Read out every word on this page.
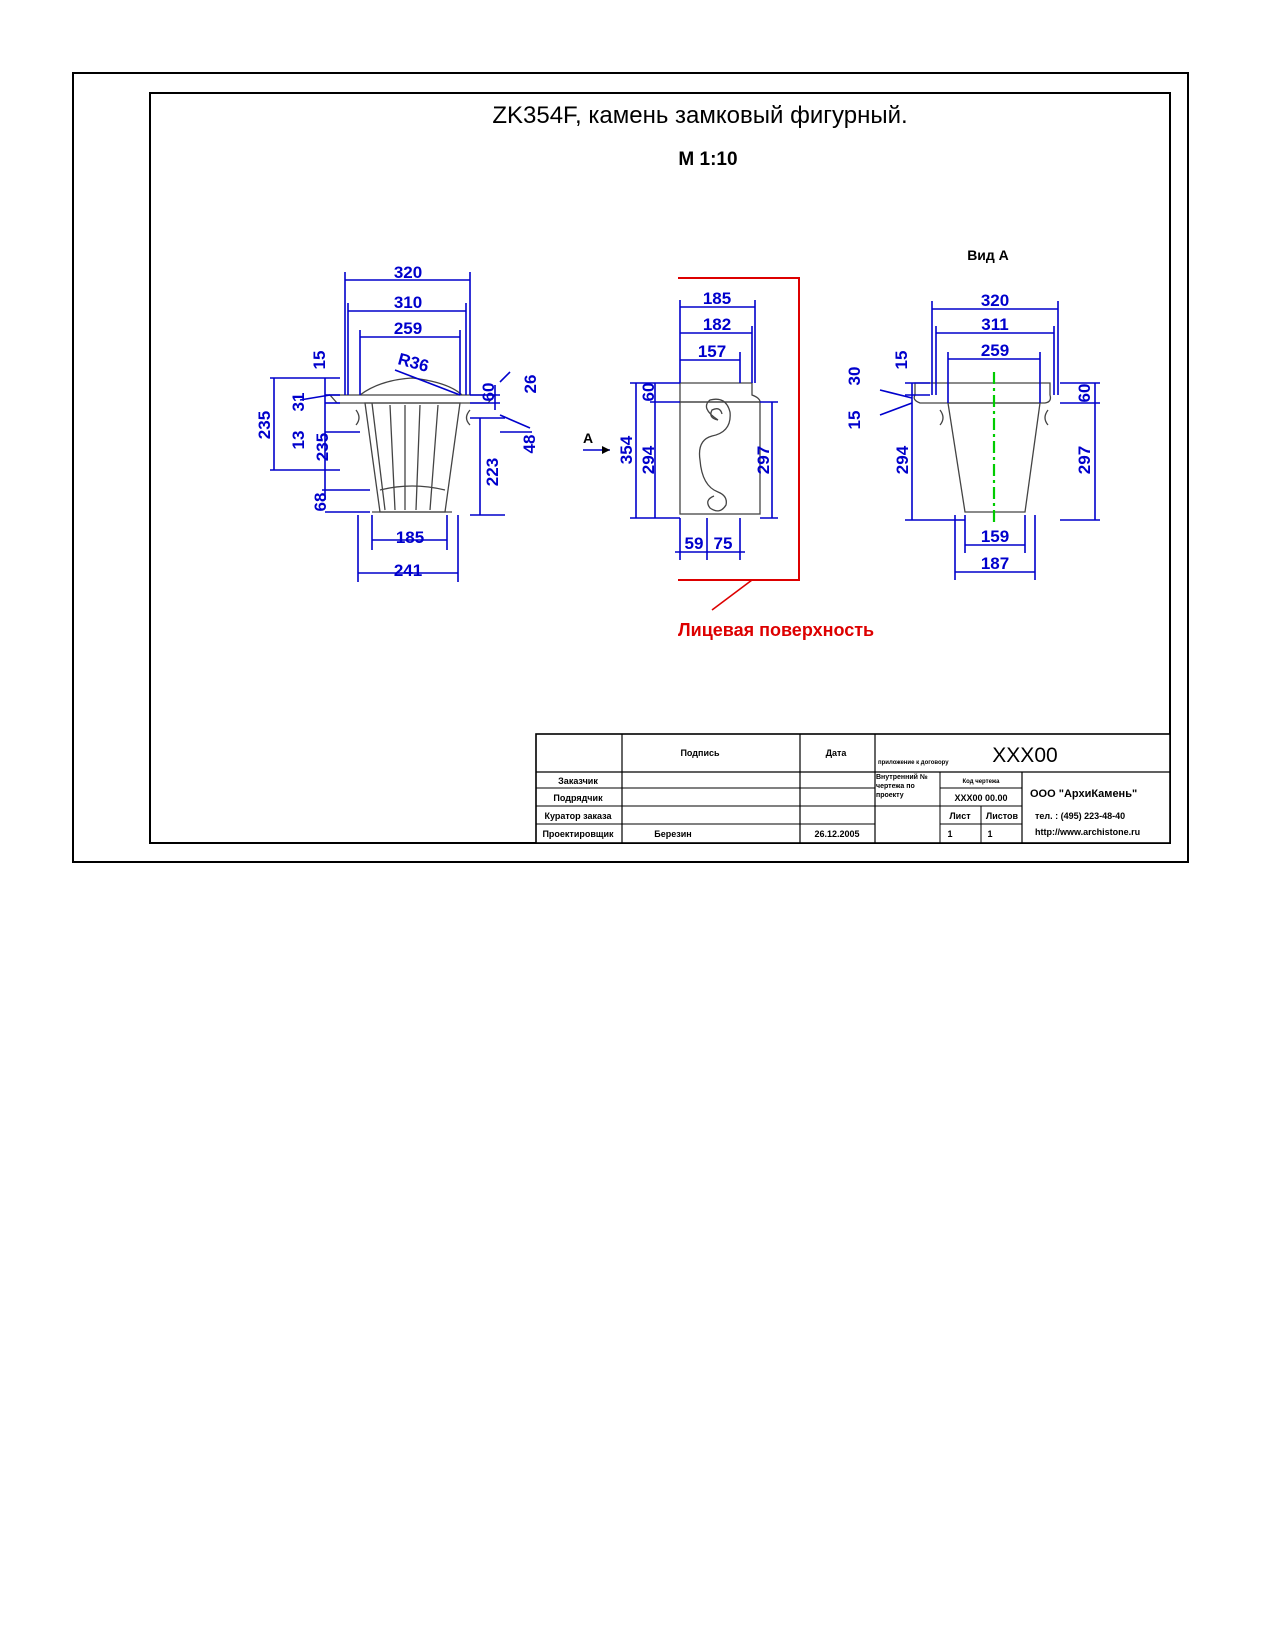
ZK354F, камень замковый фигурный.
М 1:10
Вид А
320
310
259
R36
15
235
31
13 235
68
60 26
48
223
185
241
Лицевая поверхность
А
185
182
157
60
354 294	297
59 75
320
311
259
30
15
15
294
60
297
159
187
Подпись	Дата
приложение к договору XXX00
Заказчик
Подрядчик
Куратор заказа
Проектировщик	Березин	26.12.2005
Внутренний № чертежа по проекту
Код чертежа
XXX00 00.00
Лист Листов
1	1
ООО "АрхиКамень"
тел. : (495) 223-48-40
http://www.archistone.ru
